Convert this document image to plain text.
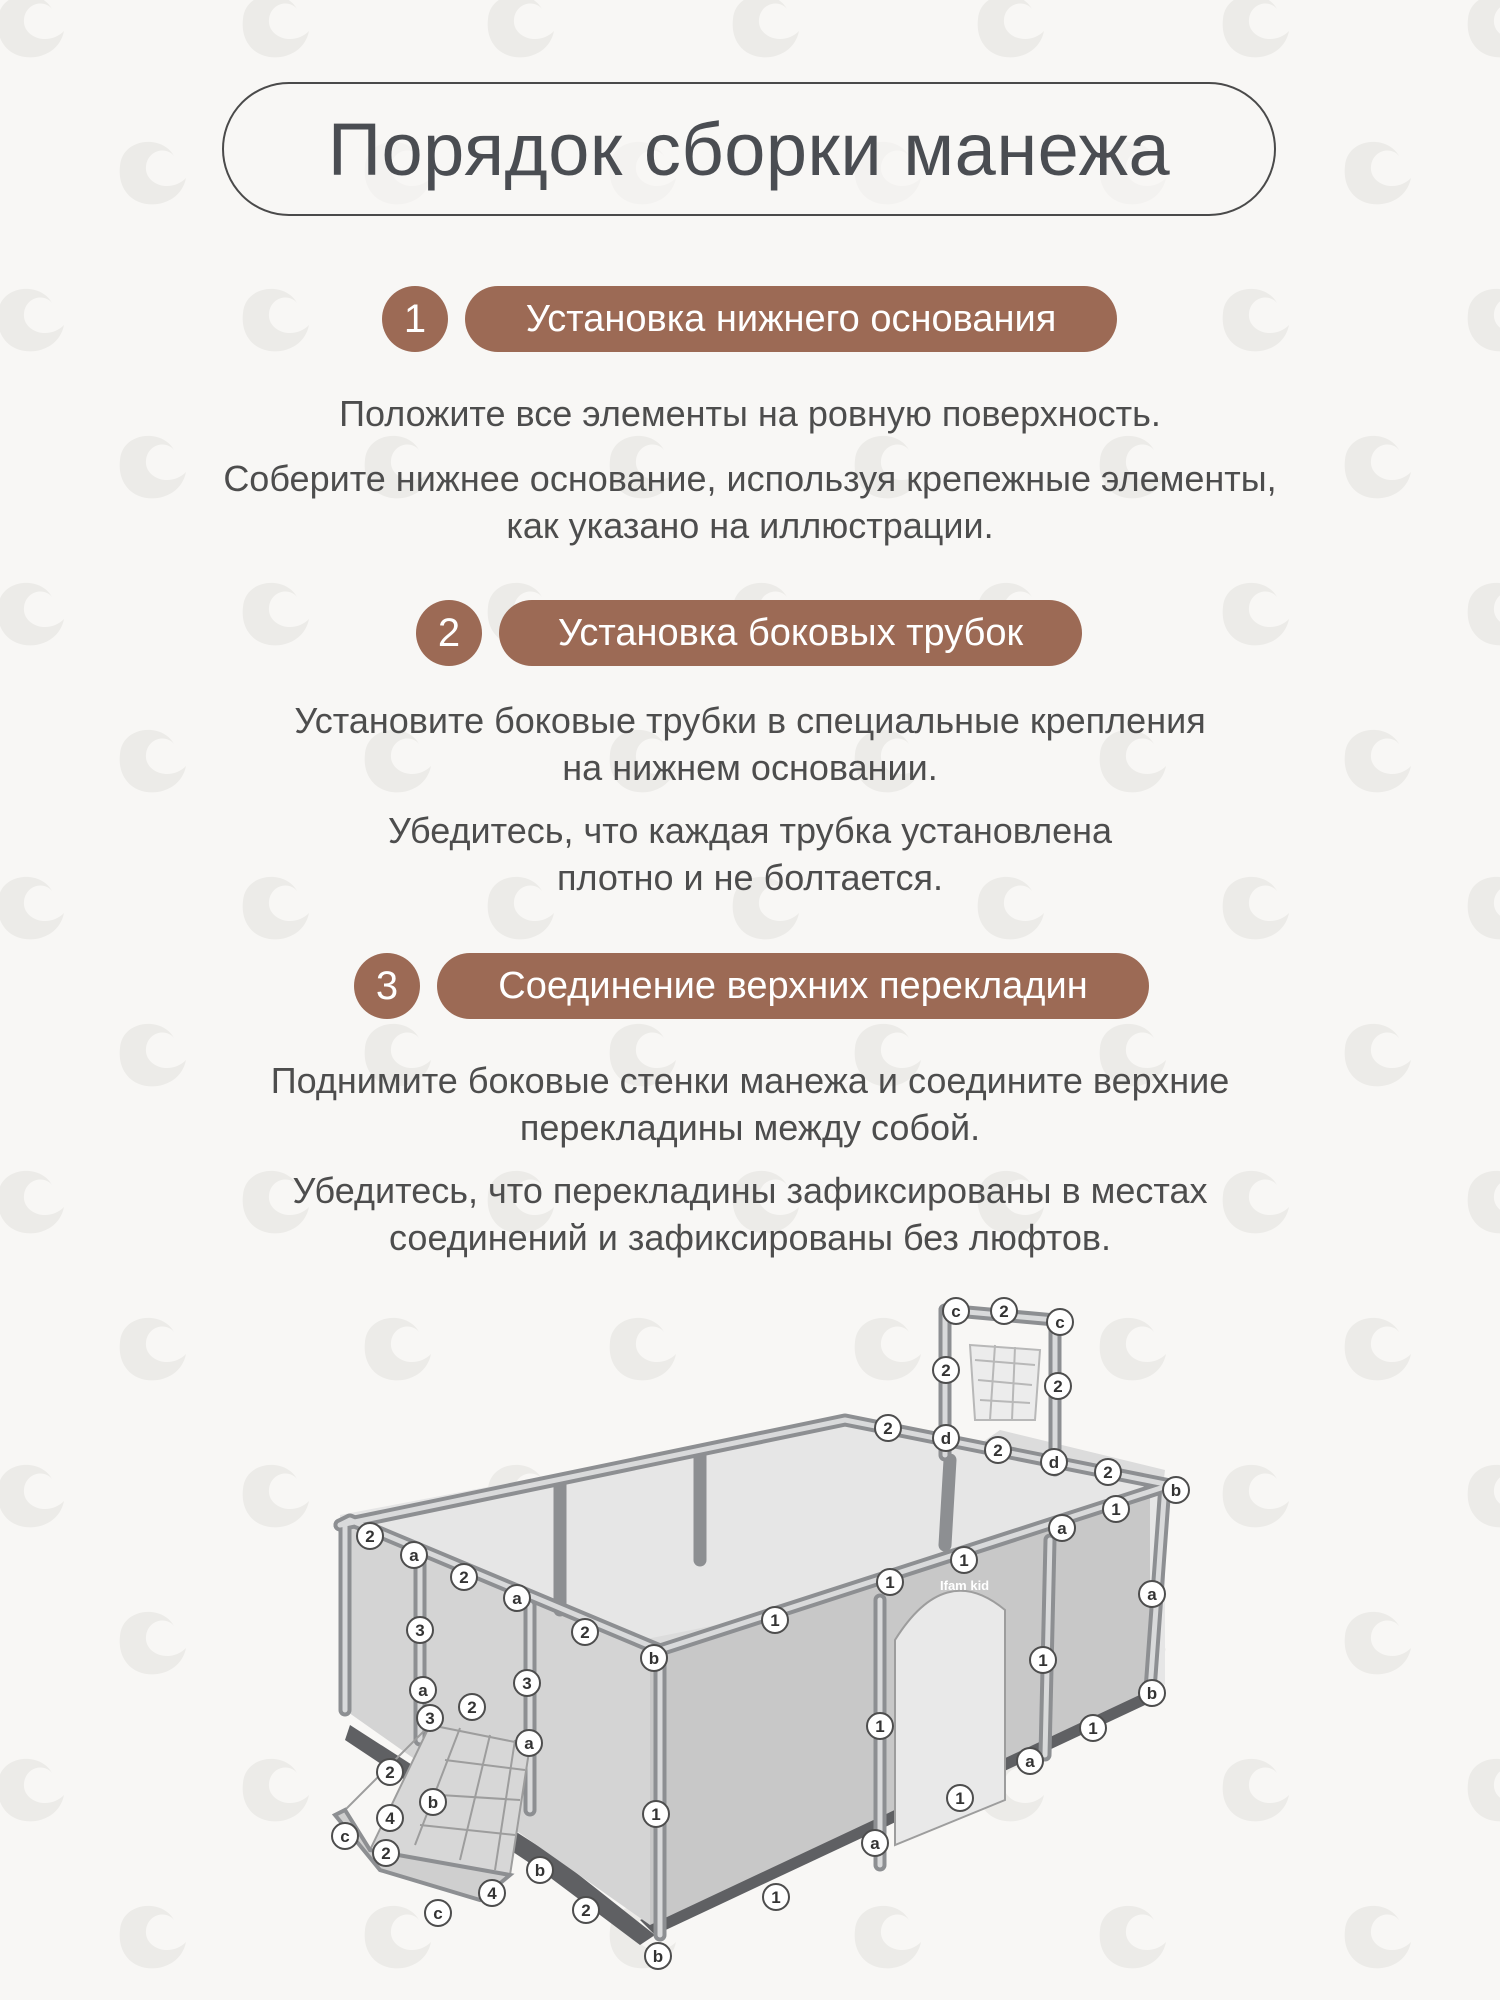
Порядок сборки манежа
1	Установка нижнего основания

Положите все элементы на ровную поверхность.

Соберите нижнее основание, используя крепежные элементы,
как указано на иллюстрации.

2	Установка боковых трубок

Установите боковые трубки в специальные крепления
на нижнем основании.

Убедитесь, что каждая трубка установлена
плотно и не болтается.

3	Соединение верхних перекладин

Поднимите боковые стенки манежа и соедините верхние
перекладины между собой.

Убедитесь, что перекладины зафиксированы в местах
соединений и зафиксированы без люфтов.

Ifam kid
c 2
c
2
2
2
d
2
d
2
b
a
1
1
1
2
a
2
a
3	2
b
1
a	3
1
a
2
3
a
1	1
b
2
b
1
4
a
c
1
2
4
b
a
c	2
1
b
